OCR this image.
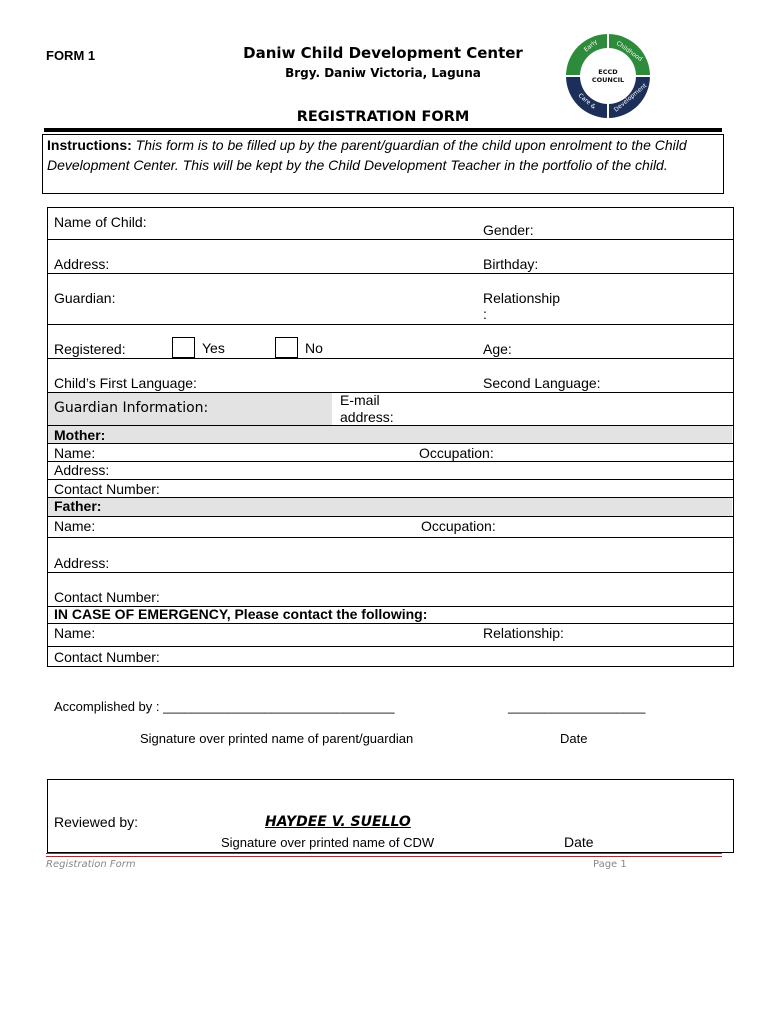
FORM 1	Daniw Child Development Center
Brgy. Daniw Victoria, Laguna
REGISTRATION FORM
Early	Childhood
Care &	Development
ECCD
COUNCIL
Instructions: This form is to be filled up by the parent/guardian of the child upon enrolment to the Child Development Center. This will be kept by the Child Development Teacher in the portfolio of the child.
Name of Child:	Gender:
Address:	Birthday:
Guardian:	Relationship
:
Registered:	Yes	No	Age:
Child’s First Language:	Second Language:
Guardian Information:	E-mail
address:
Mother:
Name:	Occupation:
Address:
Contact Number:
Father:
Name:	Occupation:
Address:
Contact Number:
IN CASE OF EMERGENCY, Please contact the following:
Name:	Relationship:
Contact Number:
Accomplished by : ________________________________	___________________
Signature over printed name of parent/guardian	Date
Reviewed by:	HAYDEE V. SUELLO
Signature over printed name of CDW	Date
Registration Form	Page 1
